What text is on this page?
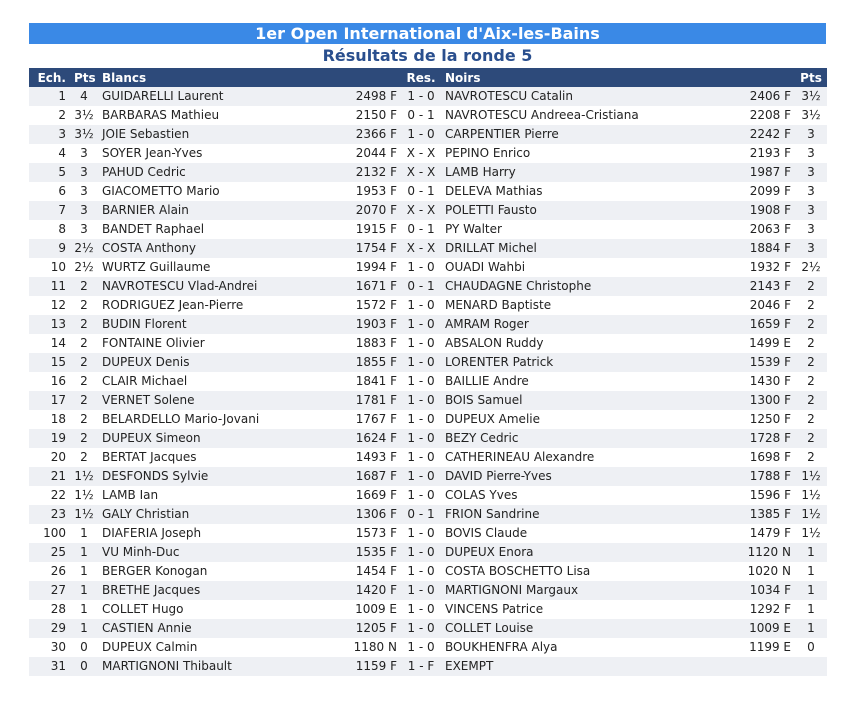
1er Open International d'Aix-les-Bains
Résultats de la ronde 5
Ech.	Pts	Blancs		Res.	Noirs		Pts
1	4	GUIDARELLI Laurent	2498 F	1 - 0	NAVROTESCU Catalin	2406 F	3½
2	3½	BARBARAS Mathieu	2150 F	0 - 1	NAVROTESCU Andreea-Cristiana	2208 F	3½
3	3½	JOIE Sebastien	2366 F	1 - 0	CARPENTIER Pierre	2242 F	3
4	3	SOYER Jean-Yves	2044 F	X - X	PEPINO Enrico	2193 F	3
5	3	PAHUD Cedric	2132 F	X - X	LAMB Harry	1987 F	3
6	3	GIACOMETTO Mario	1953 F	0 - 1	DELEVA Mathias	2099 F	3
7	3	BARNIER Alain	2070 F	X - X	POLETTI Fausto	1908 F	3
8	3	BANDET Raphael	1915 F	0 - 1	PY Walter	2063 F	3
9	2½	COSTA Anthony	1754 F	X - X	DRILLAT Michel	1884 F	3
10	2½	WURTZ Guillaume	1994 F	1 - 0	OUADI Wahbi	1932 F	2½
11	2	NAVROTESCU Vlad-Andrei	1671 F	0 - 1	CHAUDAGNE Christophe	2143 F	2
12	2	RODRIGUEZ Jean-Pierre	1572 F	1 - 0	MENARD Baptiste	2046 F	2
13	2	BUDIN Florent	1903 F	1 - 0	AMRAM Roger	1659 F	2
14	2	FONTAINE Olivier	1883 F	1 - 0	ABSALON Ruddy	1499 E	2
15	2	DUPEUX Denis	1855 F	1 - 0	LORENTER Patrick	1539 F	2
16	2	CLAIR Michael	1841 F	1 - 0	BAILLIE Andre	1430 F	2
17	2	VERNET Solene	1781 F	1 - 0	BOIS Samuel	1300 F	2
18	2	BELARDELLO Mario-Jovani	1767 F	1 - 0	DUPEUX Amelie	1250 F	2
19	2	DUPEUX Simeon	1624 F	1 - 0	BEZY Cedric	1728 F	2
20	2	BERTAT Jacques	1493 F	1 - 0	CATHERINEAU Alexandre	1698 F	2
21	1½	DESFONDS Sylvie	1687 F	1 - 0	DAVID Pierre-Yves	1788 F	1½
22	1½	LAMB Ian	1669 F	1 - 0	COLAS Yves	1596 F	1½
23	1½	GALY Christian	1306 F	0 - 1	FRION Sandrine	1385 F	1½
100	1	DIAFERIA Joseph	1573 F	1 - 0	BOVIS Claude	1479 F	1½
25	1	VU Minh-Duc	1535 F	1 - 0	DUPEUX Enora	1120 N	1
26	1	BERGER Konogan	1454 F	1 - 0	COSTA BOSCHETTO Lisa	1020 N	1
27	1	BRETHE Jacques	1420 F	1 - 0	MARTIGNONI Margaux	1034 F	1
28	1	COLLET Hugo	1009 E	1 - 0	VINCENS Patrice	1292 F	1
29	1	CASTIEN Annie	1205 F	1 - 0	COLLET Louise	1009 E	1
30	0	DUPEUX Calmin	1180 N	1 - 0	BOUKHENFRA Alya	1199 E	0
31	0	MARTIGNONI Thibault	1159 F	1 - F	EXEMPT		
